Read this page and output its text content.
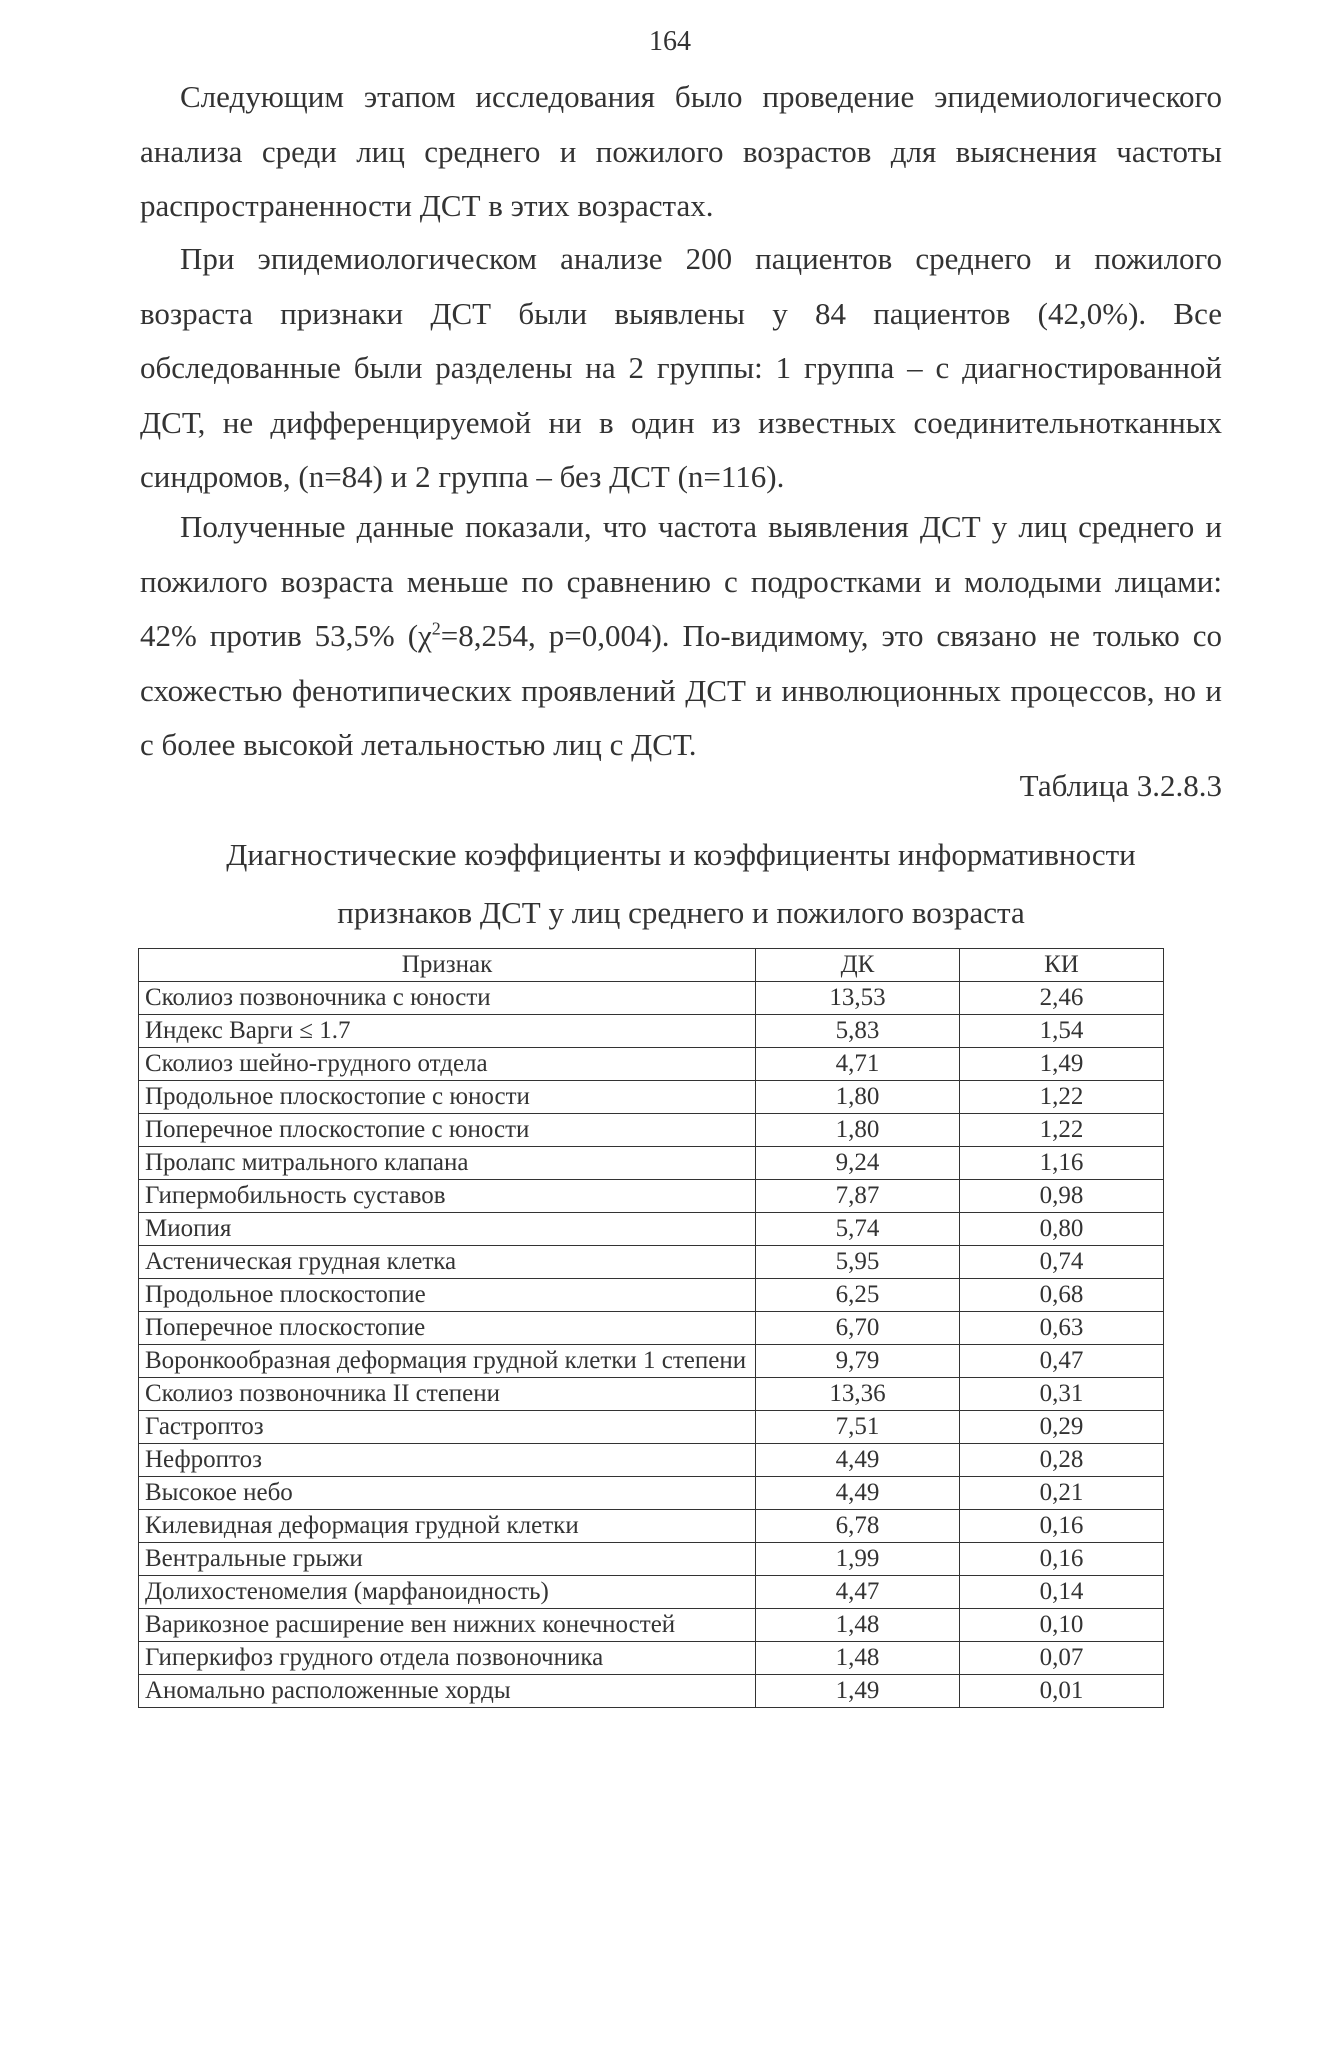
164

Следующим этапом исследования было проведение эпидемиологического анализа среди лиц среднего и пожилого возрастов для выяснения частоты распространенности ДСТ в этих возрастах.

При эпидемиологическом анализе 200 пациентов среднего и пожилого возраста признаки ДСТ были выявлены у 84 пациентов (42,0%). Все обследованные были разделены на 2 группы: 1 группа – с диагностированной ДСТ, не дифференцируемой ни в один из известных соединительнотканных синдромов, (n=84) и 2 группа – без ДСТ (n=116).

Полученные данные показали, что частота выявления ДСТ у лиц среднего и пожилого возраста меньше по сравнению с подростками и молодыми лицами: 42% против 53,5% ($\chi^2=8,254$, p=0,004). По-видимому, это связано не только со схожестью фенотипических проявлений ДСТ и инволюционных процессов, но и с более высокой летальностью лиц с ДСТ.

Таблица 3.2.8.3
Диагностические коэффициенты и коэффициенты информативности
признаков ДСТ у лиц среднего и пожилого возраста
Признак	ДК	КИ
Сколиоз позвоночника с юности	13,53	2,46
Индекс Варги ≤ 1.7	5,83	1,54
Сколиоз шейно-грудного отдела	4,71	1,49
Продольное плоскостопие с юности	1,80	1,22
Поперечное плоскостопие с юности	1,80	1,22
Пролапс митрального клапана	9,24	1,16
Гипермобильность суставов	7,87	0,98
Миопия	5,74	0,80
Астеническая грудная клетка	5,95	0,74
Продольное плоскостопие	6,25	0,68
Поперечное плоскостопие	6,70	0,63
Воронкообразная деформация грудной клетки 1 степени	9,79	0,47
Сколиоз позвоночника II степени	13,36	0,31
Гастроптоз	7,51	0,29
Нефроптоз	4,49	0,28
Высокое небо	4,49	0,21
Килевидная деформация грудной клетки	6,78	0,16
Вентральные грыжи	1,99	0,16
Долихостеномелия (марфаноидность)	4,47	0,14
Варикозное расширение вен нижних конечностей	1,48	0,10
Гиперкифоз грудного отдела позвоночника	1,48	0,07
Аномально расположенные хорды	1,49	0,01
